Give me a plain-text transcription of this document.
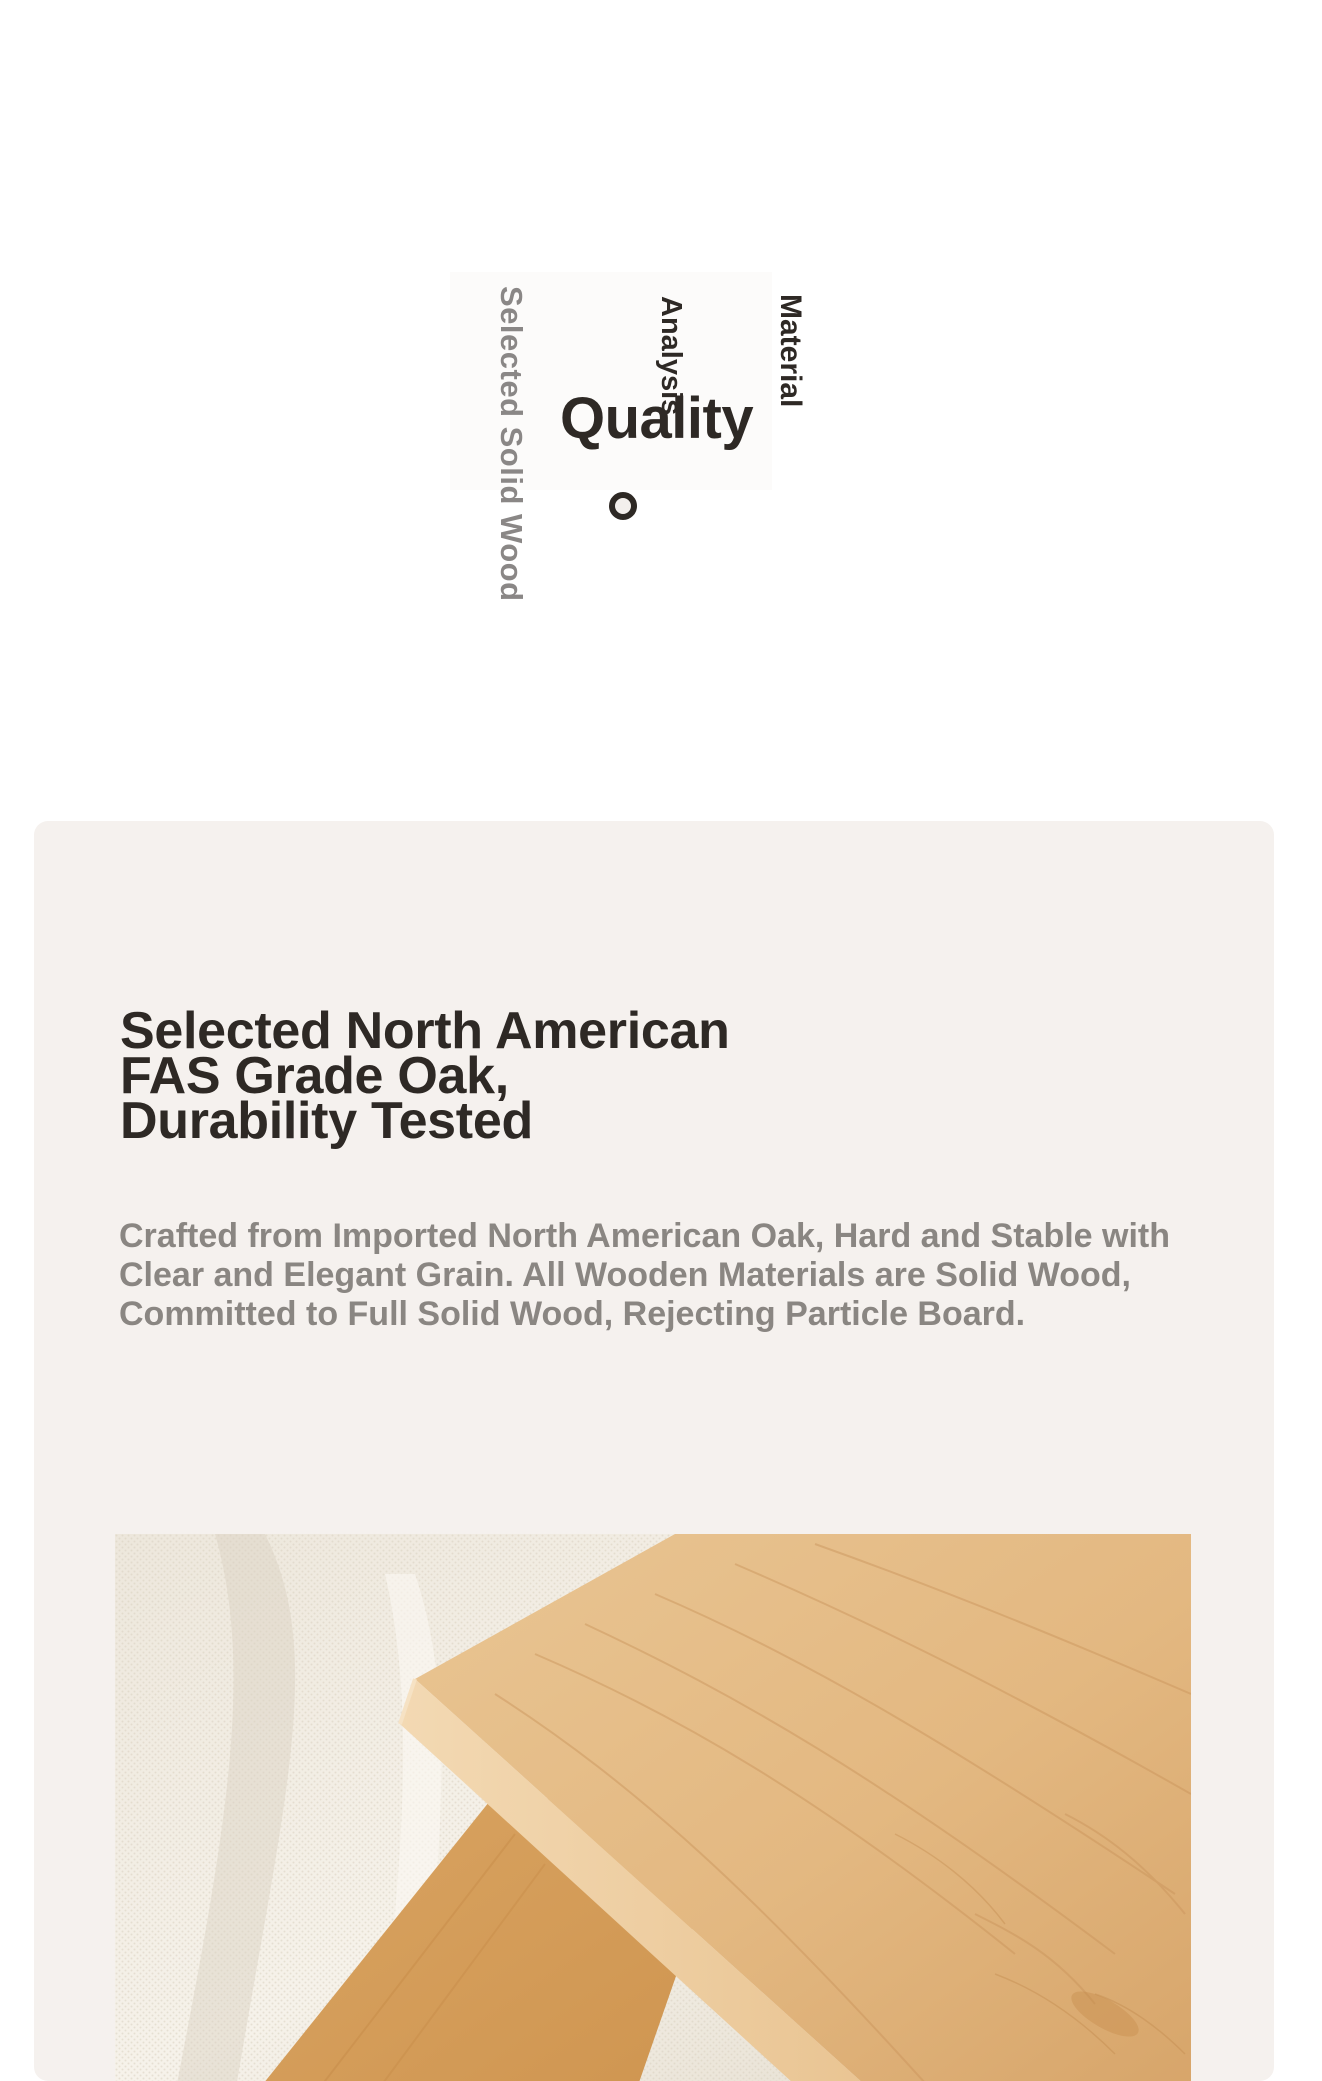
Selected Solid Wood	Analysis	Material
Quality
Selected North American FAS Grade Oak, Durability Tested

Crafted from Imported North American Oak, Hard and Stable with Clear and Elegant Grain. All Wooden Materials are Solid Wood, Committed to Full Solid Wood, Rejecting Particle Board.
